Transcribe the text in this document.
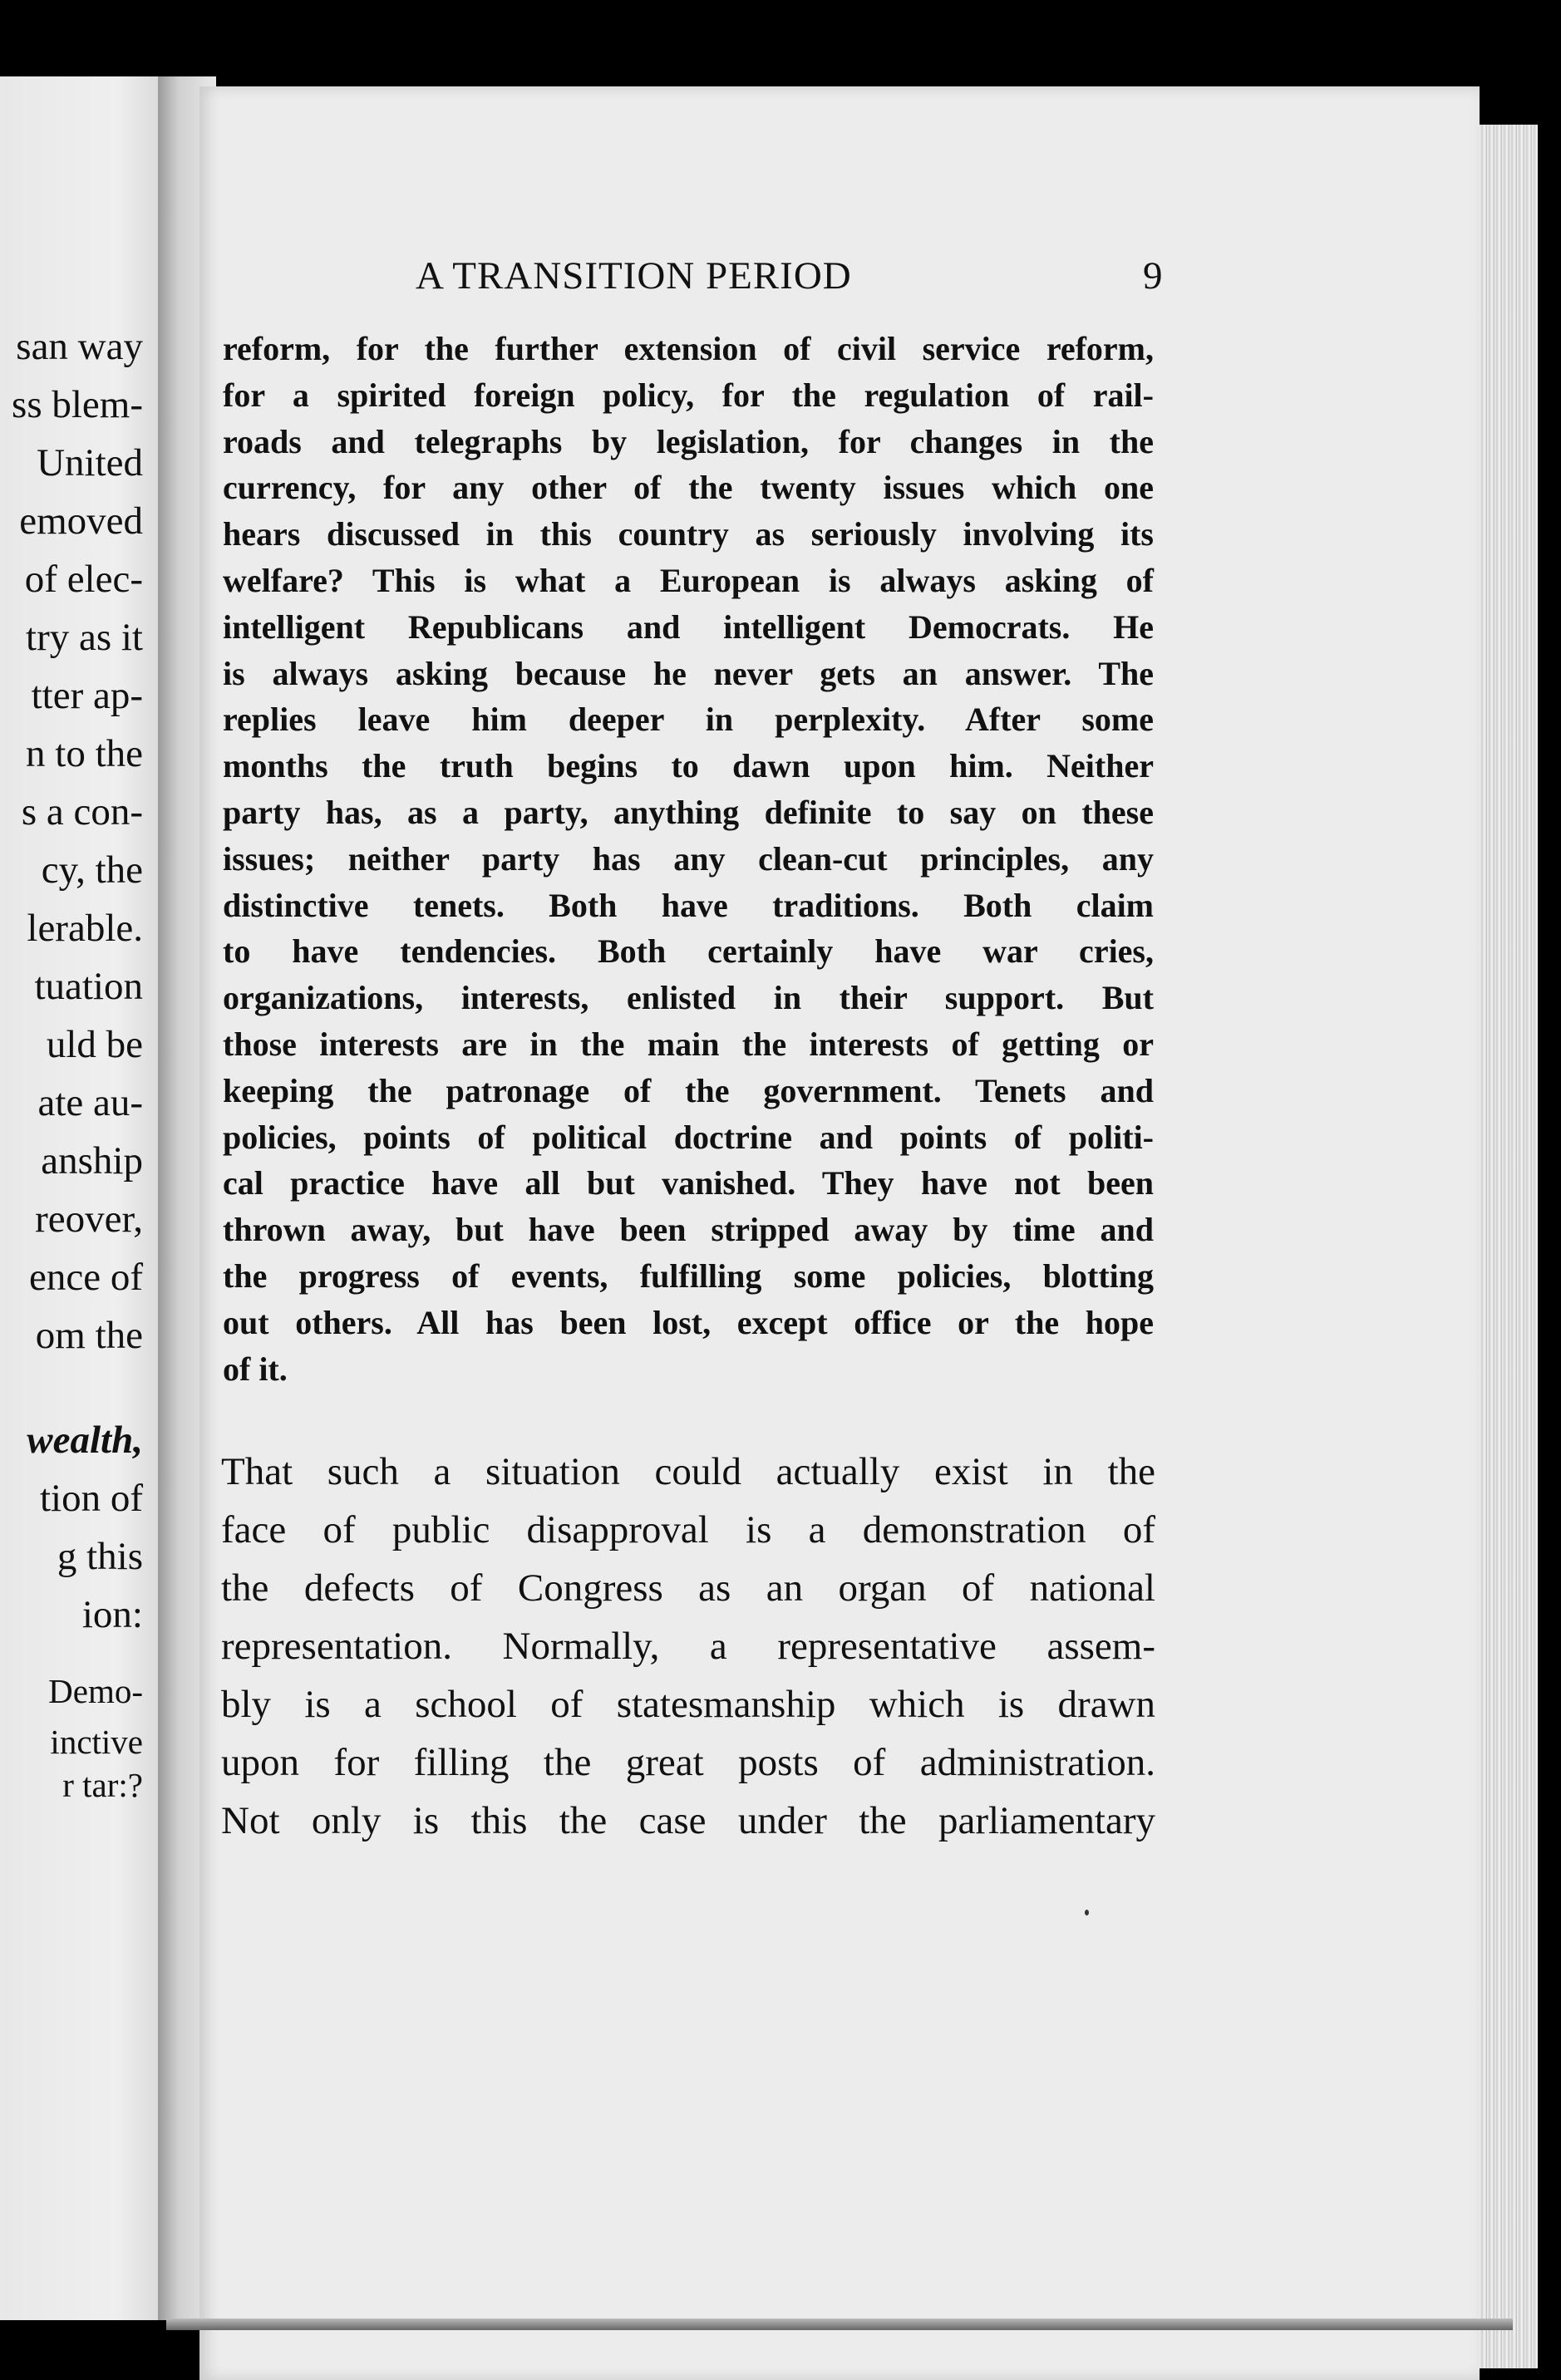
san way
ss blem-
United
emoved
of elec-
try as it
tter ap-
n to the
s a con-
cy, the
lerable.
tuation
uld be
ate au-
anship
reover,
ence of
om the
wealth,
tion of
g this
ion:
Demo-
inctive
r tar:?
A TRANSITION PERIOD	9
reform, for the further extension of civil service reform,
for a spirited foreign policy, for the regulation of rail-
roads and telegraphs by legislation, for changes in the
currency, for any other of the twenty issues which one
hears discussed in this country as seriously involving its
welfare? This is what a European is always asking of
intelligent Republicans and intelligent Democrats. He
is always asking because he never gets an answer. The
replies leave him deeper in perplexity. After some
months the truth begins to dawn upon him. Neither
party has, as a party, anything definite to say on these
issues; neither party has any clean-cut principles, any
distinctive tenets. Both have traditions. Both claim
to have tendencies. Both certainly have war cries,
organizations, interests, enlisted in their support. But
those interests are in the main the interests of getting or
keeping the patronage of the government. Tenets and
policies, points of political doctrine and points of politi-
cal practice have all but vanished. They have not been
thrown away, but have been stripped away by time and
the progress of events, fulfilling some policies, blotting
out others. All has been lost, except office or the hope
of it.
That such a situation could actually exist in the
face of public disapproval is a demonstration of
the defects of Congress as an organ of national
representation. Normally, a representative assem-
bly is a school of statesmanship which is drawn
upon for filling the great posts of administration.
Not only is this the case under the parliamentary
